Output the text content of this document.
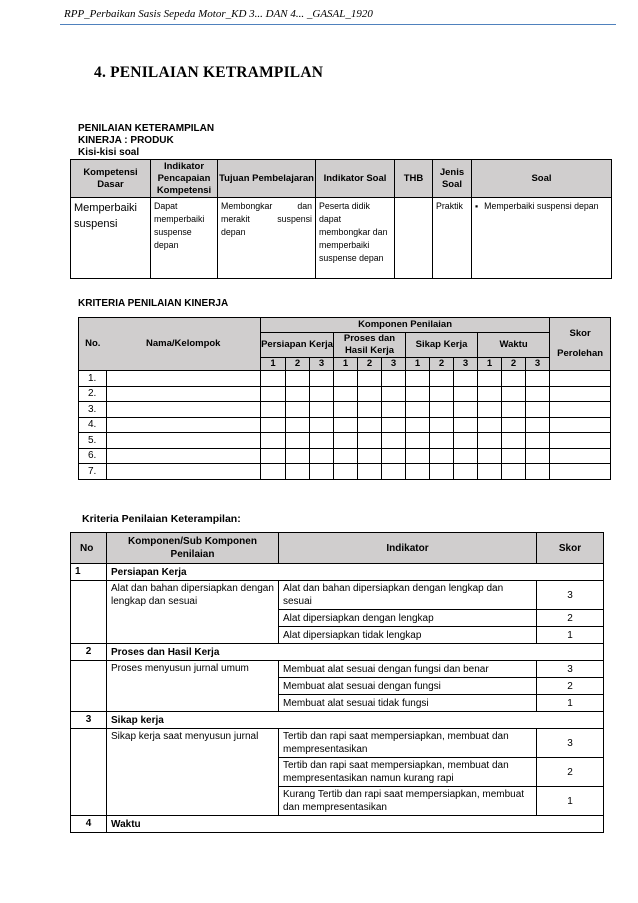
RPP_Perbaikan Sasis Sepeda Motor_KD 3... DAN 4... _GASAL_1920
4. PENILAIAN KETRAMPILAN
PENILAIAN KETERAMPILAN
KINERJA : PRODUK
Kisi-kisi soal
Kompetensi Dasar	Indikator Pencapaian Kompetensi	Tujuan Pembelajaran	Indikator Soal	THB	Jenis Soal	Soal
Memperbaiki suspensi	Dapat memperbaiki suspense depan	Membongkar dan merakit suspensi depan	Peserta didik dapat membongkar dan memperbaiki suspense depan		Praktik	▪Memperbaiki suspensi depan
KRITERIA PENILAIAN KINERJA
No.	Nama/Kelompok	Komponen Penilaian												Skor
Perolehan

		Persiapan Kerja			Proses dan Hasil Kerja			Sikap Kerja			Waktu			
		1	2	3	1	2	3	1	2	3	1	2	3	
1.														
2.														
3.														
4.														
5.														
6.														
7.														
Kriteria Penilaian Keterampilan:
No	Komponen/Sub Komponen Penilaian	Indikator	Skor
1	Persiapan Kerja		
	Alat dan bahan dipersiapkan dengan lengkap dan sesuai	Alat dan bahan dipersiapkan dengan lengkap dan sesuai	3
		Alat dipersiapkan dengan lengkap	2
		Alat dipersiapkan tidak lengkap	1
2	Proses dan Hasil Kerja		
	Proses menyusun jurnal umum	Membuat alat sesuai dengan fungsi dan benar	3
		Membuat alat sesuai dengan fungsi	2
		Membuat alat sesuai tidak fungsi	1
3	Sikap kerja		
	Sikap kerja saat menyusun jurnal	Tertib dan rapi saat mempersiapkan, membuat dan mempresentasikan	3
		Tertib dan rapi saat mempersiapkan, membuat dan mempresentasikan namun kurang rapi	2
		Kurang Tertib dan rapi saat mempersiapkan, membuat dan mempresentasikan	1
4	Waktu		
